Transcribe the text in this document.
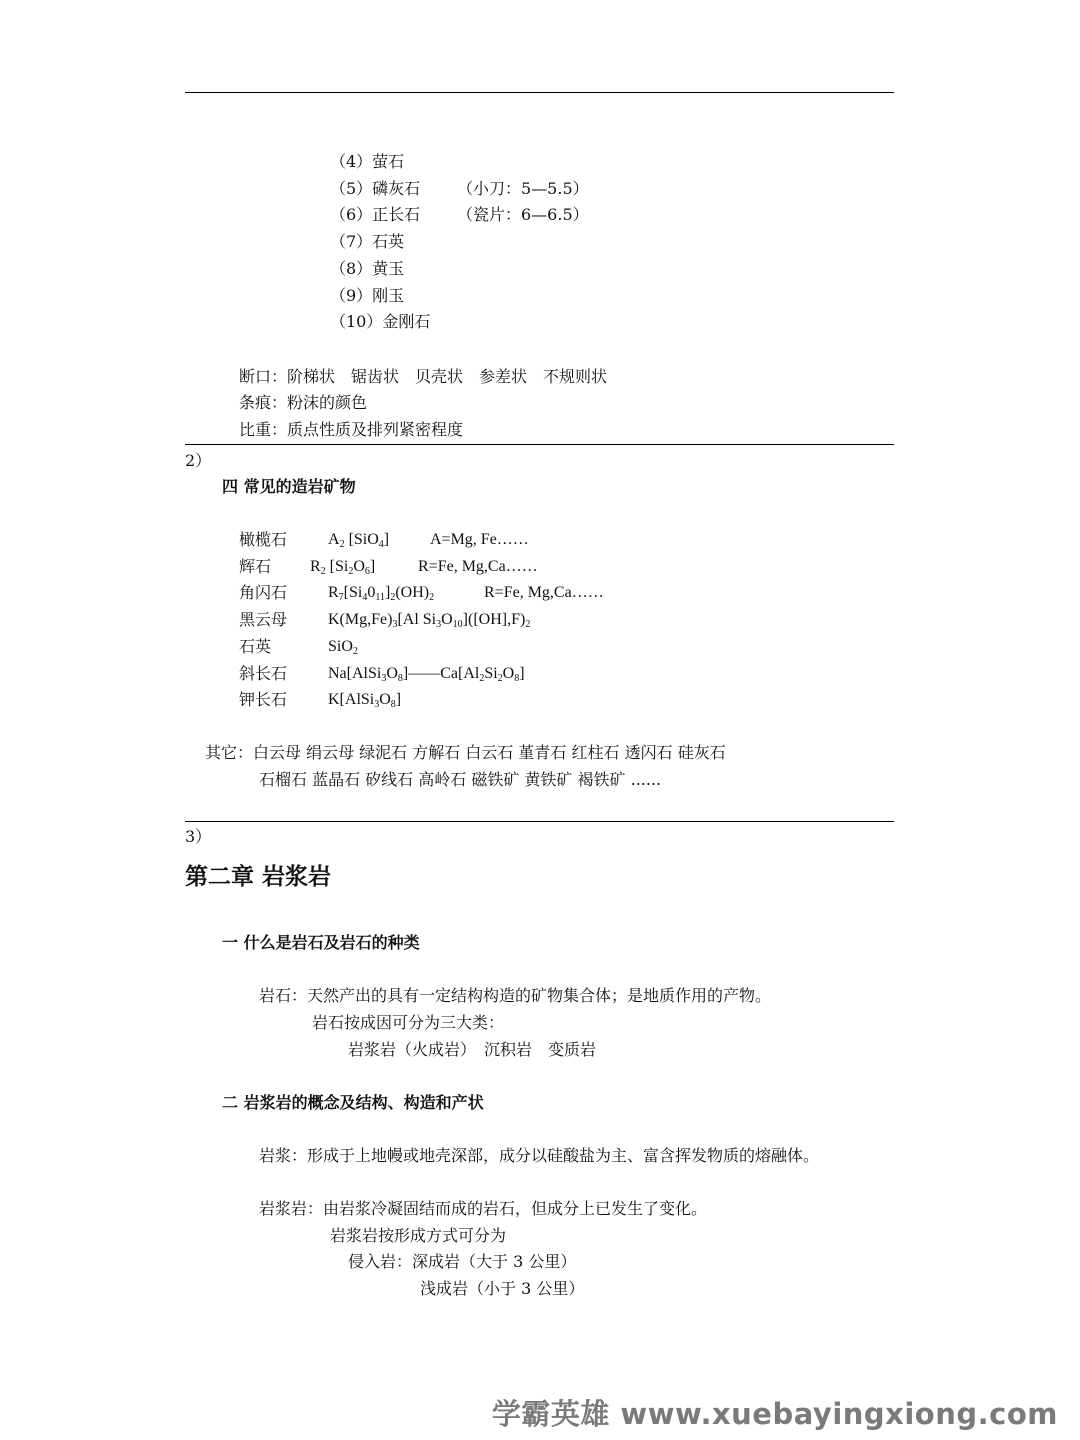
（4）萤石
（5）磷灰石 （小刀：5—5.5）
（6）正长石 （瓷片：6—6.5）
（7）石英
（8）黄玉
（9）刚玉
（10）金刚石
断口：阶梯状　锯齿状　贝壳状　参差状　不规则状
条痕：粉沫的颜色
比重：质点性质及排列紧密程度
2）
四 常见的造岩矿物
橄榄石	$A_2$ [SiO$_4$]	A=Mg, Fe……
辉石 $R_2$ $[Si_2O_6]$	R=Fe, Mg,Ca……
角闪石	$R_7[Si_40_{11}]_2(OH)_2$	R=Fe, Mg,Ca……
黑云母	$K(Mg,Fe)_3[Al$ $Si_3O_{10}]([OH],F)_2$
石英	SiO$_2$
斜长石	$Na[AlSi_3O_8]——Ca[Al_2Si_2O_8]$
钾长石	$K[AlSi_3O_8]$
其它：白云母 绢云母 绿泥石 方解石 白云石 堇青石 红柱石 透闪石 硅灰石
石榴石 蓝晶石 矽线石 高岭石 磁铁矿 黄铁矿 褐铁矿 ......
3）
第二章 岩浆岩
一 什么是岩石及岩石的种类
岩石：天然产出的具有一定结构构造的矿物集合体；是地质作用的产物。
岩石按成因可分为三大类：
岩浆岩（火成岩）　沉积岩　变质岩
二 岩浆岩的概念及结构、构造和产状
岩浆：形成于上地幔或地壳深部，成分以硅酸盐为主、富含挥发物质的熔融体。
岩浆岩：由岩浆冷凝固结而成的岩石，但成分上已发生了变化。
岩浆岩按形成方式可分为
侵入岩：深成岩（大于 3 公里）
浅成岩（小于 3 公里）
学霸英雄 www.xuebayingxiong.com
